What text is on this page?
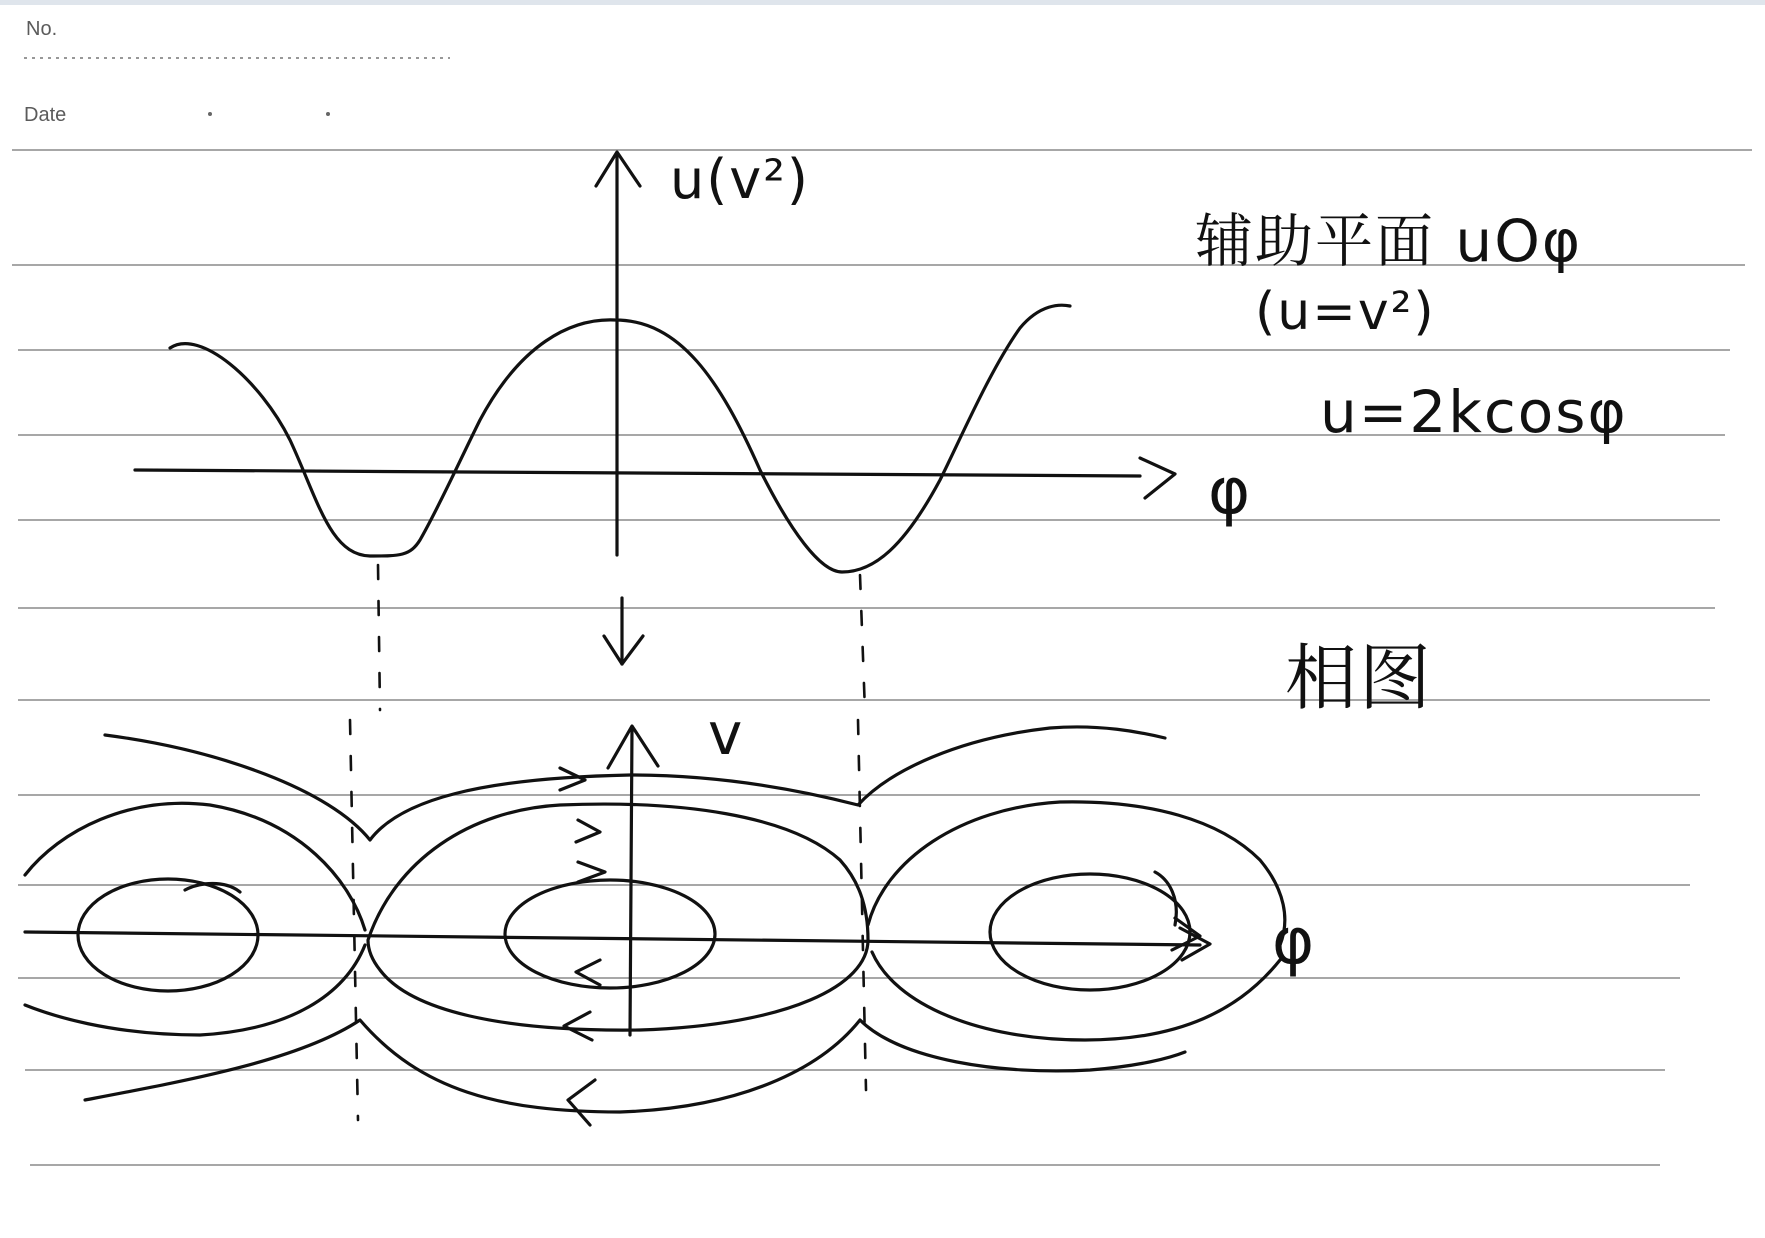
No.
Date
u(v²)
φ
辅助平面 uOφ
(u=v²)
u=2kcosφ
相图
v
φ
